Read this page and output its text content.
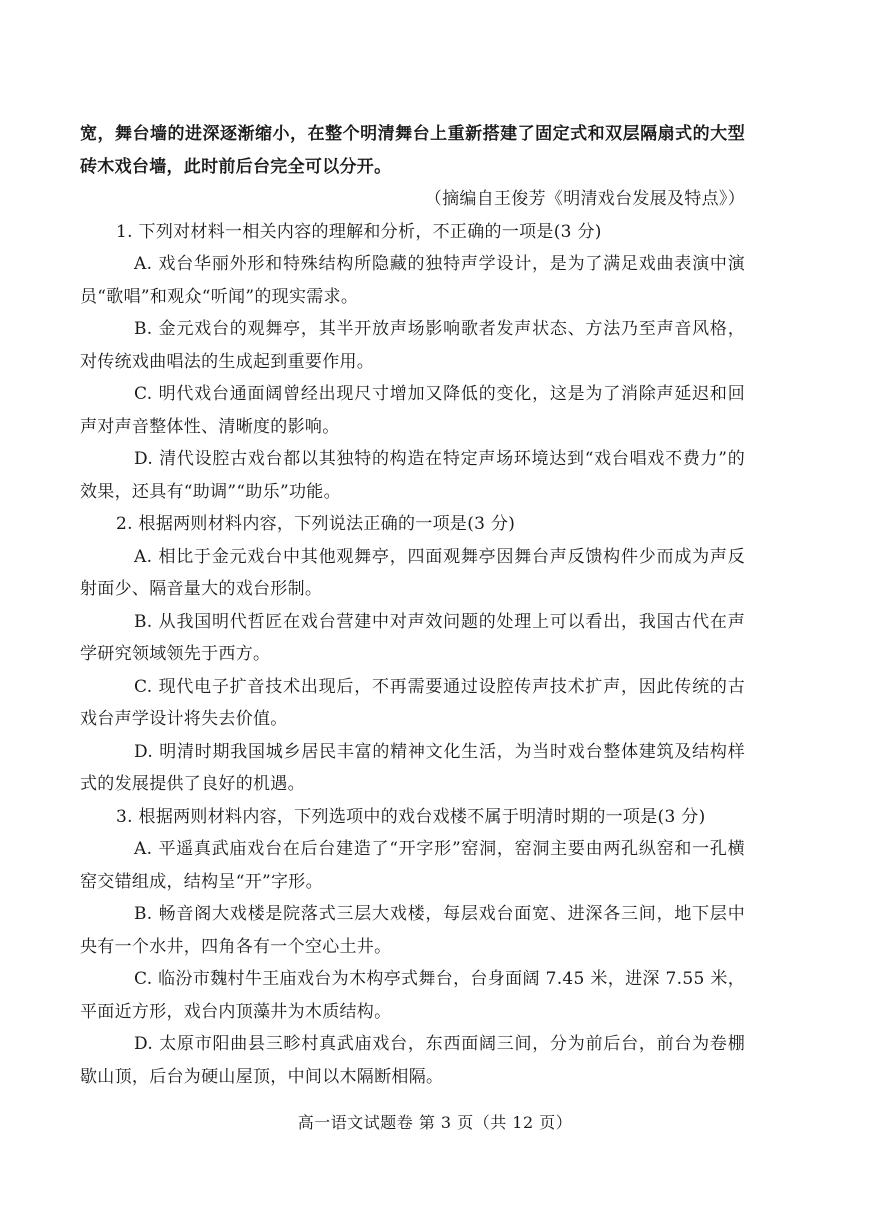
宽，舞台墙的进深逐渐缩小，在整个明清舞台上重新搭建了固定式和双层隔扇式的大型砖木戏台墙，此时前后台完全可以分开。

（摘编自王俊芳《明清戏台发展及特点》）

1. 下列对材料一相关内容的理解和分析，不正确的一项是(3 分)

A. 戏台华丽外形和特殊结构所隐藏的独特声学设计，是为了满足戏曲表演中演员“歌唱”和观众“听闻”的现实需求。

B. 金元戏台的观舞亭，其半开放声场影响歌者发声状态、方法乃至声音风格，对传统戏曲唱法的生成起到重要作用。

C. 明代戏台通面阔曾经出现尺寸增加又降低的变化，这是为了消除声延迟和回声对声音整体性、清晰度的影响。

D. 清代设腔古戏台都以其独特的构造在特定声场环境达到“戏台唱戏不费力”的效果，还具有“助调”“助乐”功能。

2. 根据两则材料内容，下列说法正确的一项是(3 分)

A. 相比于金元戏台中其他观舞亭，四面观舞亭因舞台声反馈构件少而成为声反射面少、隔音量大的戏台形制。

B. 从我国明代哲匠在戏台营建中对声效问题的处理上可以看出，我国古代在声学研究领域领先于西方。

C. 现代电子扩音技术出现后，不再需要通过设腔传声技术扩声，因此传统的古戏台声学设计将失去价值。

D. 明清时期我国城乡居民丰富的精神文化生活，为当时戏台整体建筑及结构样式的发展提供了良好的机遇。

3. 根据两则材料内容，下列选项中的戏台戏楼不属于明清时期的一项是(3 分)

A. 平遥真武庙戏台在后台建造了“开字形”窑洞，窑洞主要由两孔纵窑和一孔横窑交错组成，结构呈“开”字形。

B. 畅音阁大戏楼是院落式三层大戏楼，每层戏台面宽、进深各三间，地下层中央有一个水井，四角各有一个空心土井。

C. 临汾市魏村牛王庙戏台为木构亭式舞台，台身面阔 7.45 米，进深 7.55 米，平面近方形，戏台内顶藻井为木质结构。

D. 太原市阳曲县三畛村真武庙戏台，东西面阔三间，分为前后台，前台为卷棚歇山顶，后台为硬山屋顶，中间以木隔断相隔。

高一语文试题卷 第 3 页（共 12 页）
